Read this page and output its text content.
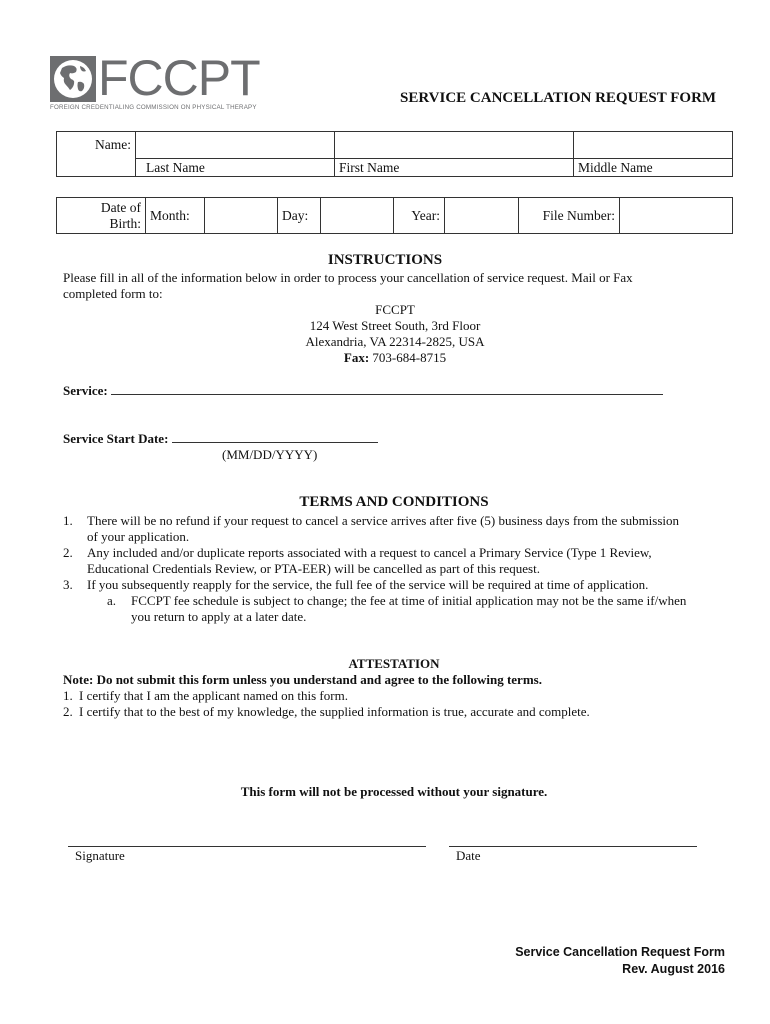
FCCPT
FOREIGN CREDENTIALING COMMISSION ON PHYSICAL THERAPY
SERVICE CANCELLATION REQUEST FORM
Name:			
	Last Name	First Name	Middle Name
Date of
Birth:	Month:		Day:		Year:		File Number:	
INSTRUCTIONS
Please fill in all of the information below in order to process your cancellation of service request. Mail or Fax
completed form to:
FCCPT
124 West Street South, 3rd Floor
Alexandria, VA 22314-2825, USA
Fax: 703-684-8715
Service:
Service Start Date:
(MM/DD/YYYY)
TERMS AND CONDITIONS
1. There will be no refund if your request to cancel a service arrives after five (5) business days from the submission
of your application.
2. Any included and/or duplicate reports associated with a request to cancel a Primary Service (Type 1 Review,
Educational Credentials Review, or PTA-EER) will be cancelled as part of this request.
3. If you subsequently reapply for the service, the full fee of the service will be required at time of application.
a. FCCPT fee schedule is subject to change; the fee at time of initial application may not be the same if/when
you return to apply at a later date.
ATTESTATION
Note: Do not submit this form unless you understand and agree to the following terms.
1. I certify that I am the applicant named on this form.
2. I certify that to the best of my knowledge, the supplied information is true, accurate and complete.
This form will not be processed without your signature.
Signature	Date
Service Cancellation Request Form
Rev. August 2016
